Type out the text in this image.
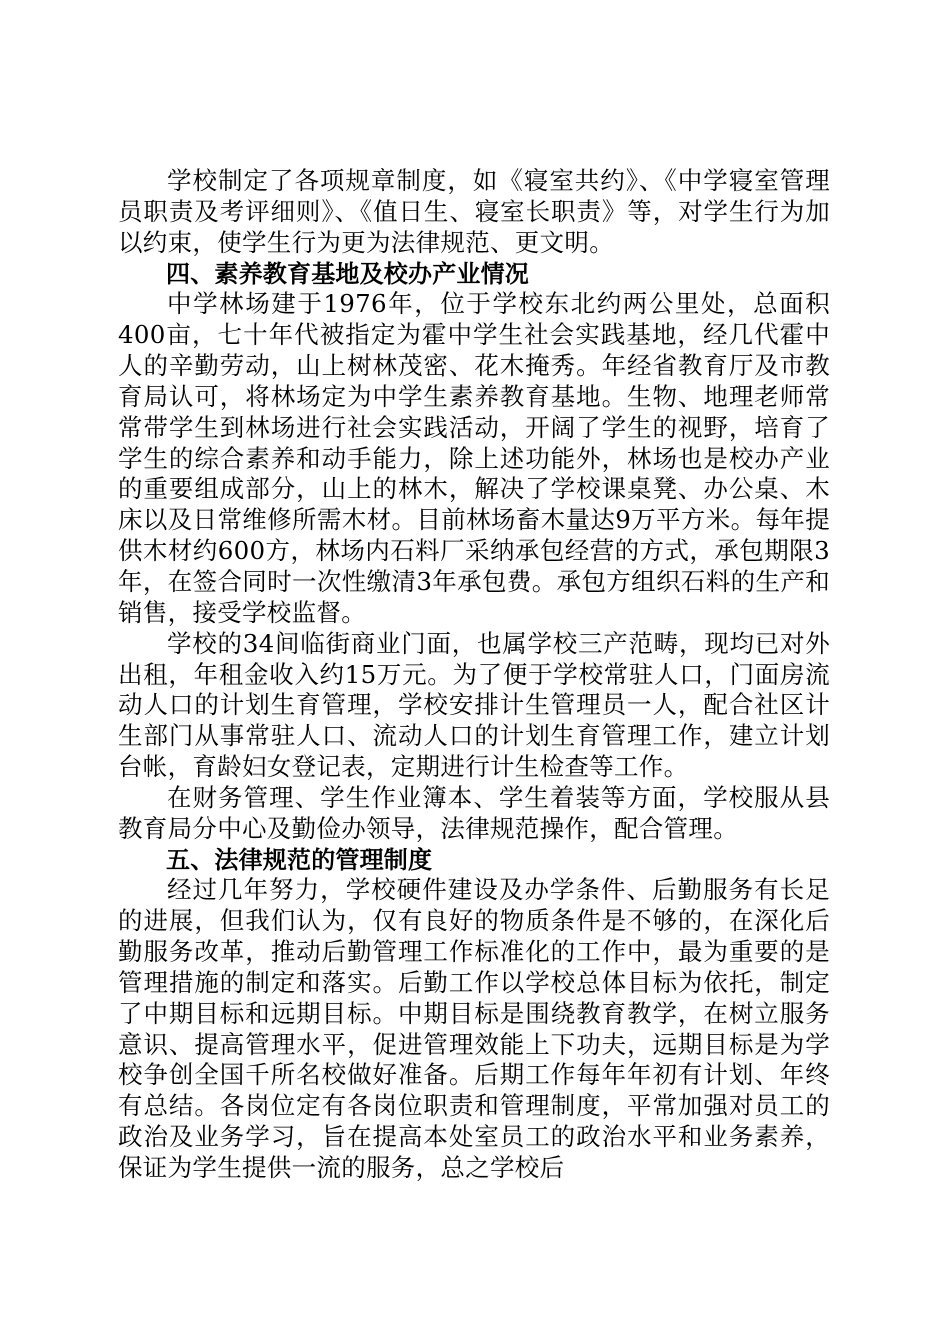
学校制定了各项规章制度，如《寝室共约》、《中学寝室管理员职责及考评细则》、《值日生、寝室长职责》等，对学生行为加以约束，使学生行为更为法律规范、更文明。

四、素养教育基地及校办产业情况

中学林场建于1976年，位于学校东北约两公里处，总面积400亩，七十年代被指定为霍中学生社会实践基地，经几代霍中人的辛勤劳动，山上树林茂密、花木掩秀。年经省教育厅及市教育局认可，将林场定为中学生素养教育基地。生物、地理老师常常带学生到林场进行社会实践活动，开阔了学生的视野，培育了学生的综合素养和动手能力，除上述功能外，林场也是校办产业的重要组成部分，山上的林木，解决了学校课桌凳、办公桌、木床以及日常维修所需木材。目前林场畜木量达9万平方米。每年提供木材约600方，林场内石料厂采纳承包经营的方式，承包期限3年，在签合同时一次性缴清3年承包费。承包方组织石料的生产和销售，接受学校监督。

学校的34间临街商业门面，也属学校三产范畴，现均已对外出租，年租金收入约15万元。为了便于学校常驻人口，门面房流动人口的计划生育管理，学校安排计生管理员一人，配合社区计生部门从事常驻人口、流动人口的计划生育管理工作，建立计划台帐，育龄妇女登记表，定期进行计生检查等工作。

在财务管理、学生作业簿本、学生着装等方面，学校服从县教育局分中心及勤俭办领导，法律规范操作，配合管理。

五、法律规范的管理制度

经过几年努力，学校硬件建设及办学条件、后勤服务有长足的进展，但我们认为，仅有良好的物质条件是不够的，在深化后勤服务改革，推动后勤管理工作标准化的工作中，最为重要的是管理措施的制定和落实。后勤工作以学校总体目标为依托，制定了中期目标和远期目标。中期目标是围绕教育教学，在树立服务意识、提高管理水平，促进管理效能上下功夫，远期目标是为学校争创全国千所名校做好准备。后期工作每年年初有计划、年终有总结。各岗位定有各岗位职责和管理制度，平常加强对员工的政治及业务学习，旨在提高本处室员工的政治水平和业务素养，保证为学生提供一流的服务，总之学校后
